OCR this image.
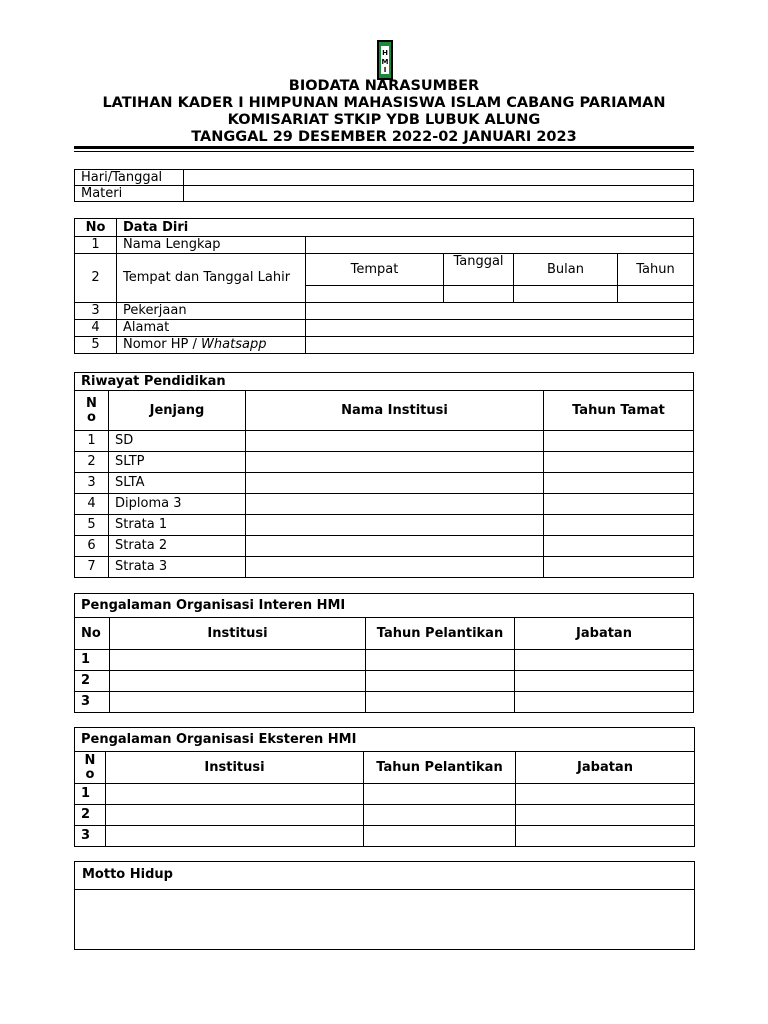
H
M
I
BIODATA NARASUMBER
LATIHAN KADER I HIMPUNAN MAHASISWA ISLAM CABANG PARIAMAN
KOMISARIAT STKIP YDB LUBUK ALUNG
TANGGAL 29 DESEMBER 2022-02 JANUARI 2023
Hari/Tanggal	
Materi	
No	Data Diri				
1	Nama Lengkap				
2	Tempat dan Tanggal Lahir	Tempat	Tanggal	Bulan	Tahun

3	Pekerjaan				
4	Alamat				
5	Nomor HP / Whatsapp				
Riwayat Pendidikan			
No	Jenjang	Nama Institusi	Tahun Tamat
1	SD		
2	SLTP		
3	SLTA		
4	Diploma 3		
5	Strata 1		
6	Strata 2		
7	Strata 3		
Pengalaman Organisasi Interen HMI			
No	Institusi	Tahun Pelantikan	Jabatan
1			
2			
3			
Pengalaman Organisasi Eksteren HMI			
No	Institusi	Tahun Pelantikan	Jabatan
1			
2			
3			
Motto Hidup
